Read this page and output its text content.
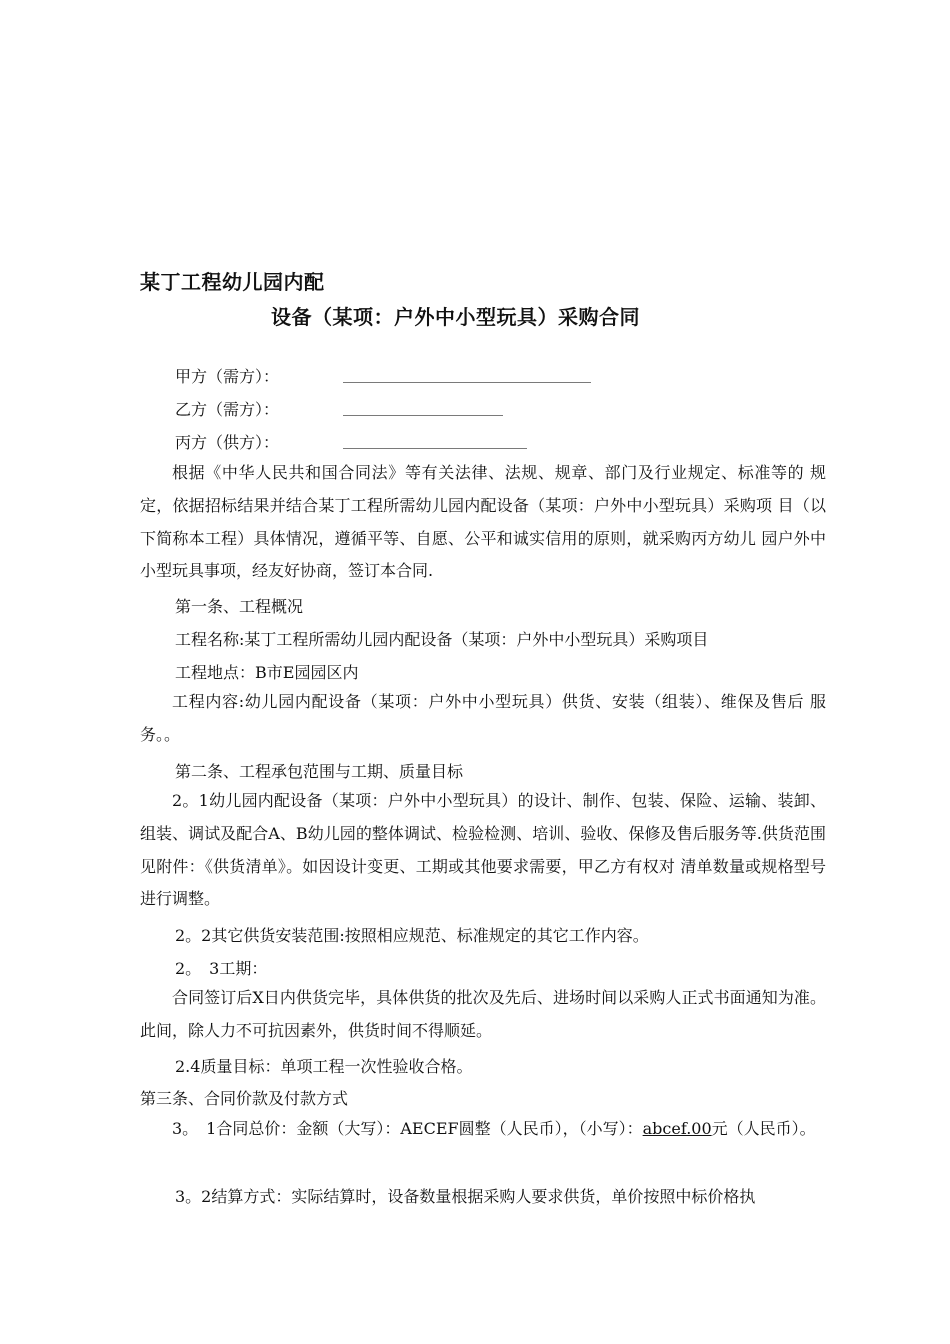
某丁工程幼儿园内配
设备（某项：户外中小型玩具）采购合同
甲方（需方）：	_______________________________
乙方（需方）：	____________________
丙方（供方）：	_______________________
根据《中华人民共和国合同法》等有关法律、法规、规章、部门及行业规定、标准等的 规定，依据招标结果并结合某丁工程所需幼儿园内配设备（某项：户外中小型玩具）采购项 目（以下简称本工程）具体情况，遵循平等、自愿、公平和诚实信用的原则，就采购丙方幼儿 园户外中小型玩具事项，经友好协商，签订本合同.
第一条、工程概况
工程名称:某丁工程所需幼儿园内配设备（某项：户外中小型玩具）采购项目
工程地点：B市E园园区内
工程内容:幼儿园内配设备（某项：户外中小型玩具）供货、安装（组装）、维保及售后 服务。。
第二条、工程承包范围与工期、质量目标
2。1幼儿园内配设备（某项：户外中小型玩具）的设计、制作、包装、保险、运输、装卸、组装、调试及配合A、B幼儿园的整体调试、检验检测、培训、验收、保修及售后服务等.供货范围见附件：《供货清单》。如因设计变更、工期或其他要求需要，甲乙方有权对 清单数量或规格型号进行调整。
2。2其它供货安装范围:按照相应规范、标准规定的其它工作内容。
2。　3工期：
合同签订后X日内供货完毕，具体供货的批次及先后、进场时间以采购人正式书面通知为准。此间，除人力不可抗因素外，供货时间不得顺延。
2.4质量目标：单项工程一次性验收合格。
第三条、合同价款及付款方式
3。　1合同总价：金额（大写）：AECEF圆整（人民币），（小写）：abcef.00元（人民币）。
3。2结算方式：实际结算时，设备数量根据采购人要求供货，单价按照中标价格执
